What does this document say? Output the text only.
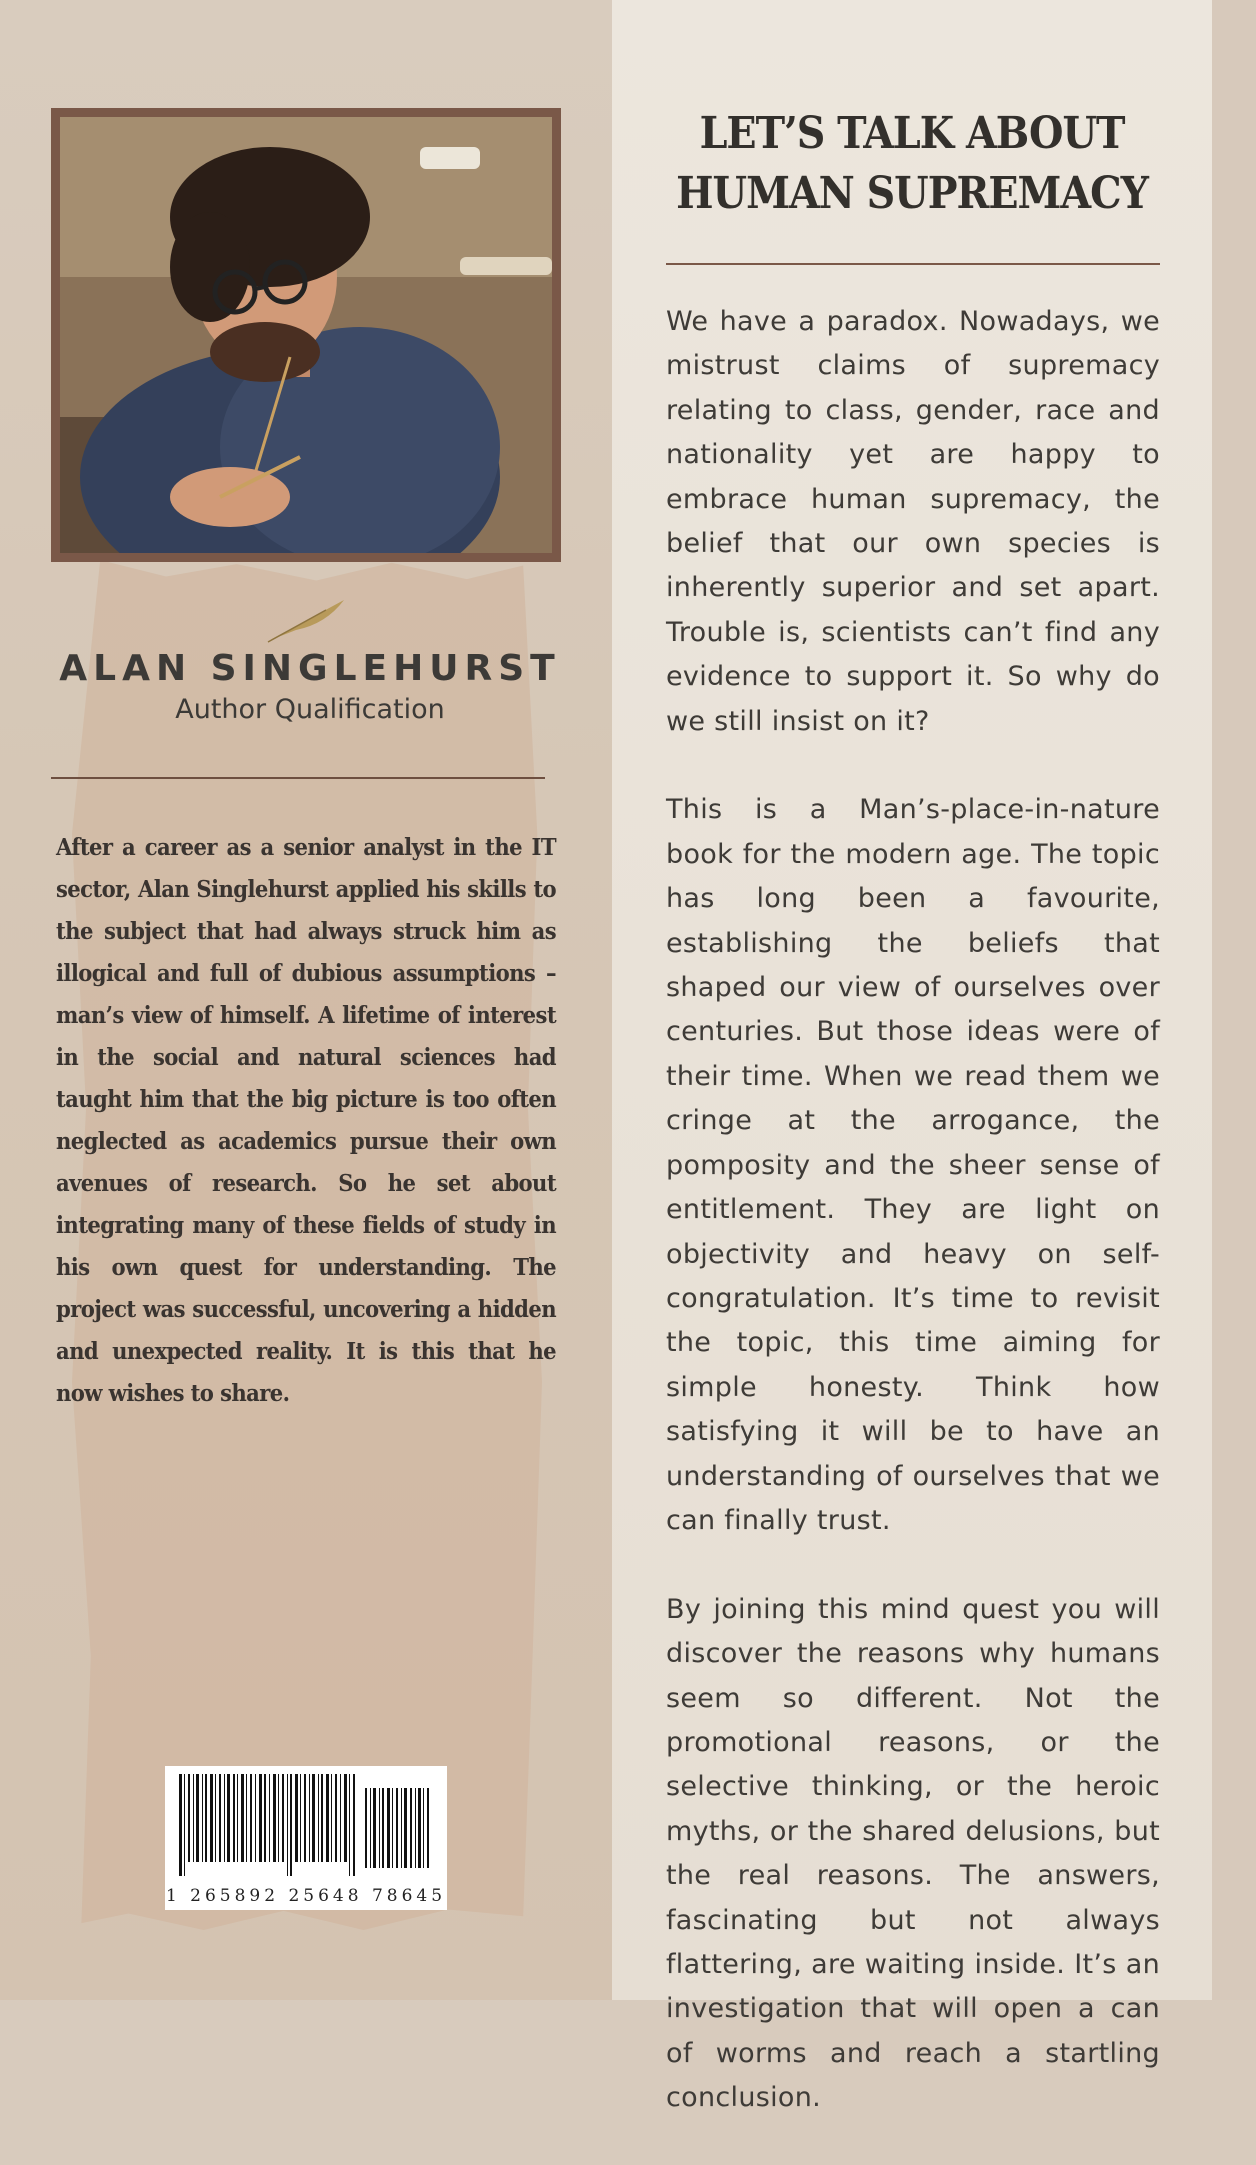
ALAN SINGLEHURST
Author Qualification
After a career as a senior analyst in the IT sector, Alan Singlehurst applied his skills to the subject that had always struck him as illogical and full of dubious assumptions – man’s view of himself. A lifetime of interest in the social and natural sciences had taught him that the big picture is too often neglected as academics pursue their own avenues of research. So he set about integrating many of these fields of study in his own quest for understanding. The project was successful, uncovering a hidden and unexpected reality. It is this that he now wishes to share.
1 265892 25648 78645
LET’S TALK ABOUT HUMAN SUPREMACY

We have a paradox. Nowadays, we mistrust claims of supremacy relating to class, gender, race and nationality yet are happy to embrace human supremacy, the belief that our own species is inherently superior and set apart. Trouble is, scientists can’t find any evidence to support it. So why do we still insist on it?

This is a Man’s-place-in-nature book for the modern age. The topic has long been a favourite, establishing the beliefs that shaped our view of ourselves over centuries. But those ideas were of their time. When we read them we cringe at the arrogance, the pomposity and the sheer sense of entitlement. They are light on objectivity and heavy on self-congratulation. It’s time to revisit the topic, this time aiming for simple honesty. Think how satisfying it will be to have an understanding of ourselves that we can finally trust.

By joining this mind quest you will discover the reasons why humans seem so different. Not the promotional reasons, or the selective thinking, or the heroic myths, or the shared delusions, but the real reasons. The answers, fascinating but not always flattering, are waiting inside. It’s an investigation that will open a can of worms and reach a startling conclusion.
